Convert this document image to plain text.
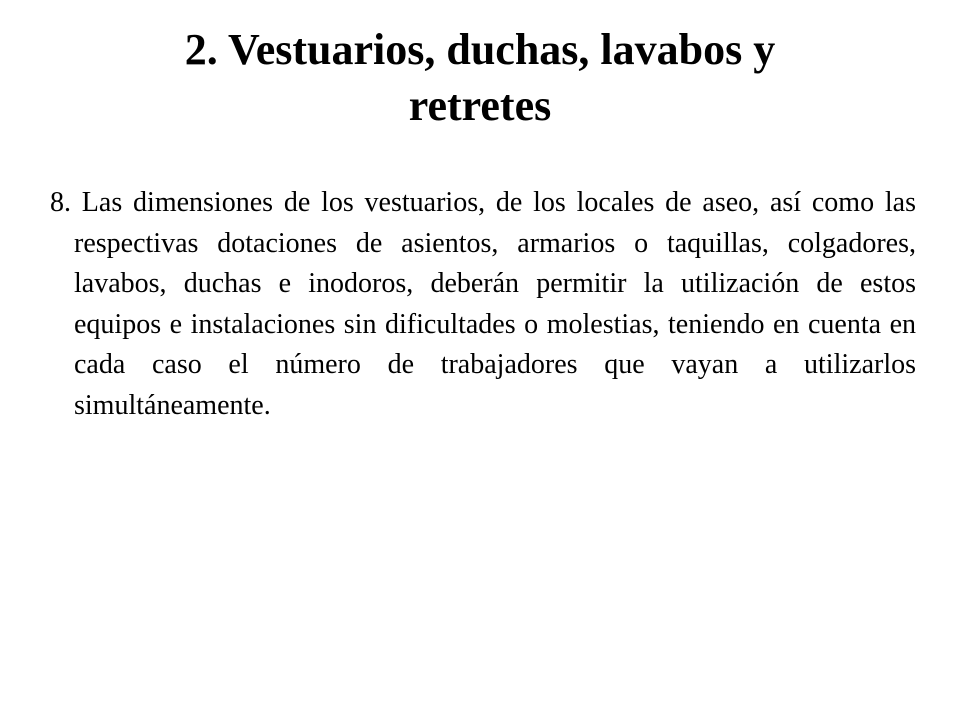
2. Vestuarios, duchas, lavabos y
retretes

8. Las dimensiones de los vestuarios, de los locales de aseo, así como las respectivas dotaciones de asientos, armarios o taquillas, colgadores, lavabos, duchas e inodoros, deberán permitir la utilización de estos equipos e instalaciones sin dificultades o molestias, teniendo en cuenta en cada caso el número de trabajadores que vayan a utilizarlos simultáneamente.
